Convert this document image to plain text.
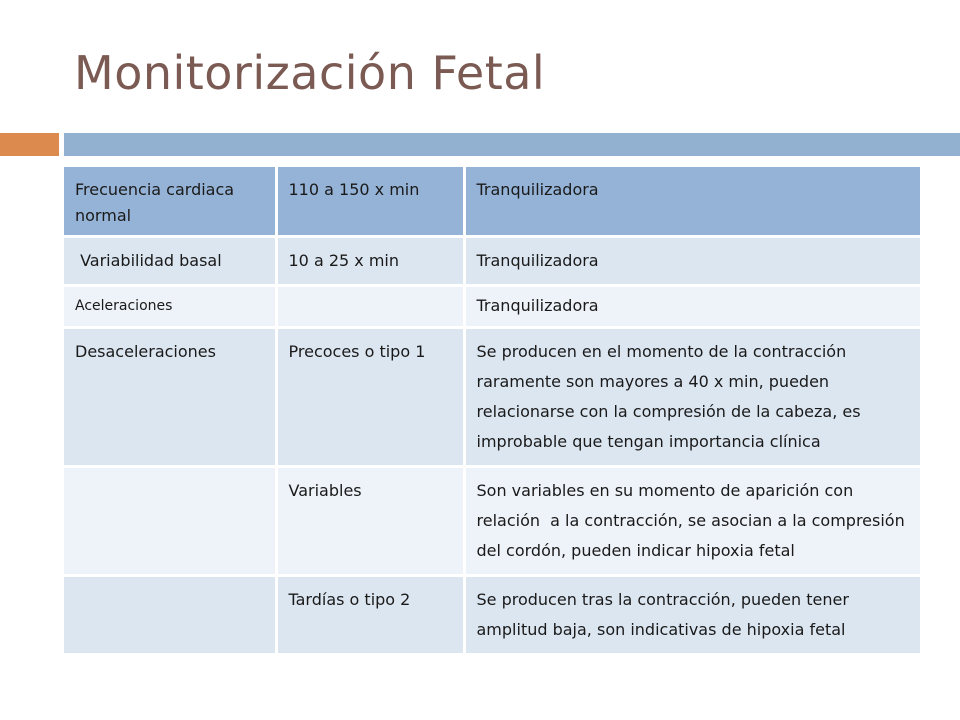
Monitorización Fetal
Frecuencia cardiaca normal	110 a 150 x min	Tranquilizadora
Variabilidad basal	10 a 25 x min	Tranquilizadora
Aceleraciones		Tranquilizadora
Desaceleraciones	Precoces o tipo 1	Se producen en el momento de la contracción raramente son mayores a 40 x min, pueden relacionarse con la compresión de la cabeza, es improbable que tengan importancia clínica
	Variables	Son variables en su momento de aparición con relación  a la contracción, se asocian a la compresión del cordón, pueden indicar hipoxia fetal
	Tardías o tipo 2	Se producen tras la contracción, pueden tener amplitud baja, son indicativas de hipoxia fetal
